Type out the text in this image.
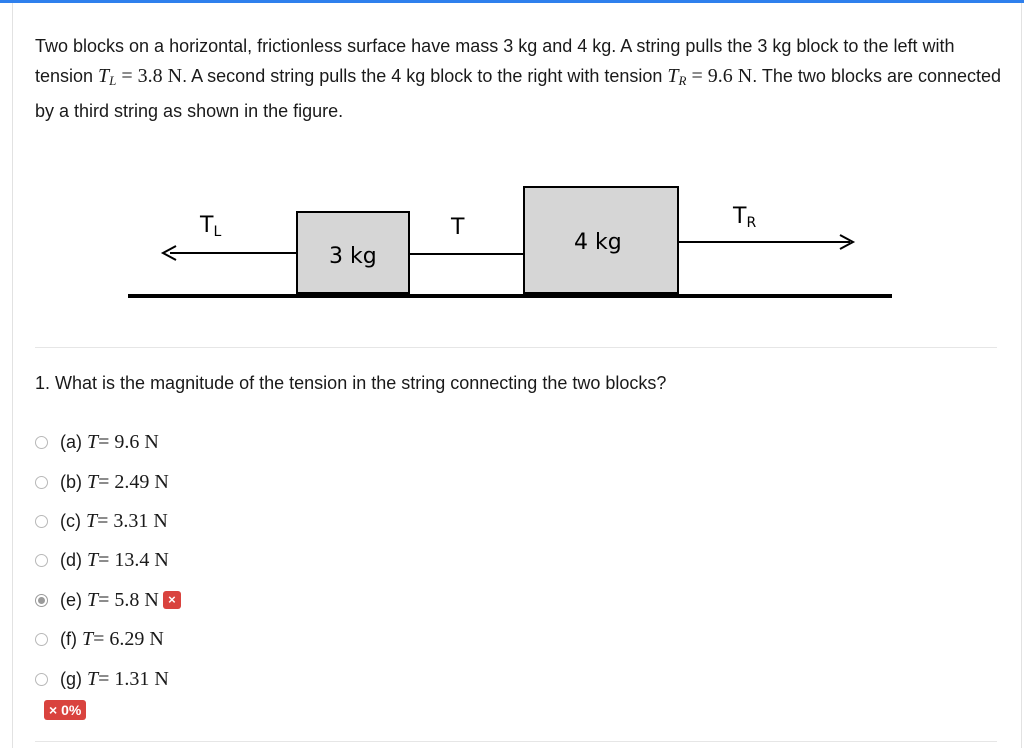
Two blocks on a horizontal, frictionless surface have mass 3 kg and 4 kg. A string pulls the 3 kg block to the left with tension $T_L = 3.8$ N. A second string pulls the 4 kg block to the right with tension $T_R = 9.6$ N. The two blocks are connected by a third string as shown in the figure.
TL	T	TR
3 kg
4 kg
1. What is the magnitude of the tension in the string connecting the two blocks?
(a) T = 9.6 N
(b) T = 2.49 N
(c) T = 3.31 N
(d) T = 13.4 N
(e) T = 5.8 N ×
(f) T = 6.29 N
(g) T = 1.31 N
× 0%
